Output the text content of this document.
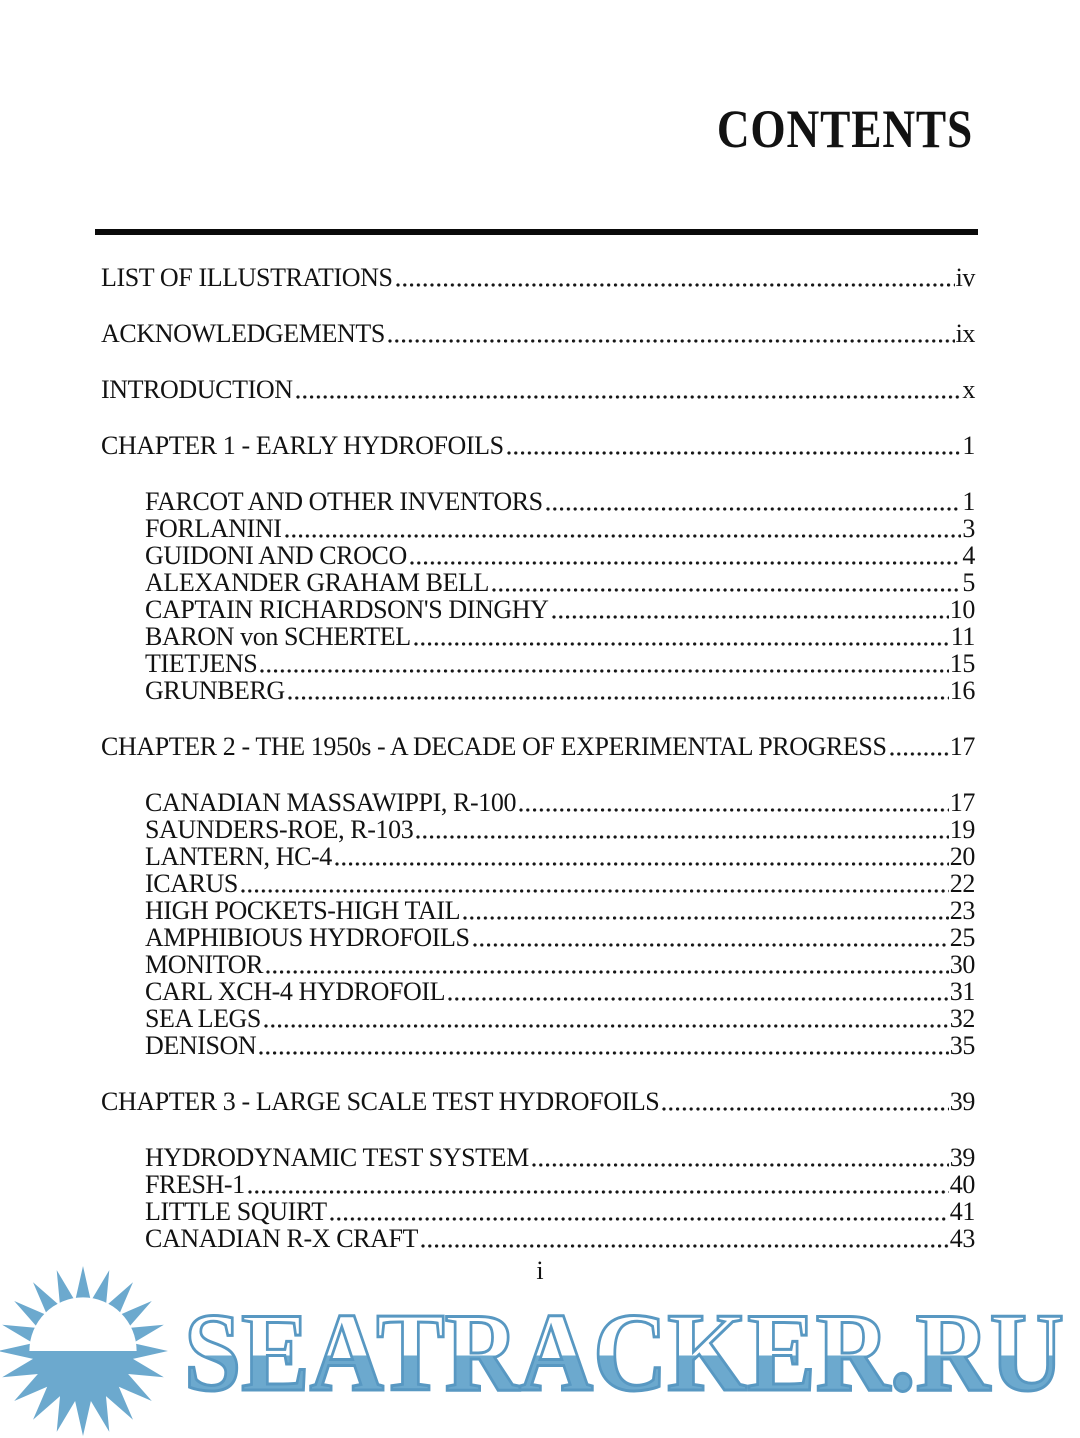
CONTENTS
LIST OF ILLUSTRATIONS	iv
ACKNOWLEDGEMENTS	ix
INTRODUCTION	x
CHAPTER 1 - EARLY HYDROFOILS	1
FARCOT AND OTHER INVENTORS	1
FORLANINI	3
GUIDONI AND CROCO	4
ALEXANDER GRAHAM BELL	5
CAPTAIN RICHARDSON'S DINGHY	10
BARON von SCHERTEL	11
TIETJENS	15
GRUNBERG	16
CHAPTER 2 - THE 1950s - A DECADE OF EXPERIMENTAL PROGRESS 17
CANADIAN MASSAWIPPI, R-100	17
SAUNDERS-ROE, R-103	19
LANTERN, HC-4	20
ICARUS	22
HIGH POCKETS-HIGH TAIL	23
AMPHIBIOUS HYDROFOILS	25
MONITOR	30
CARL XCH-4 HYDROFOIL	31
SEA LEGS	32
DENISON	35
CHAPTER 3 - LARGE SCALE TEST HYDROFOILS	39
HYDRODYNAMIC TEST SYSTEM	39
FRESH-1	40
LITTLE SQUIRT	41
CANADIAN R-X CRAFT	43
i
SEATRACKER.RU
